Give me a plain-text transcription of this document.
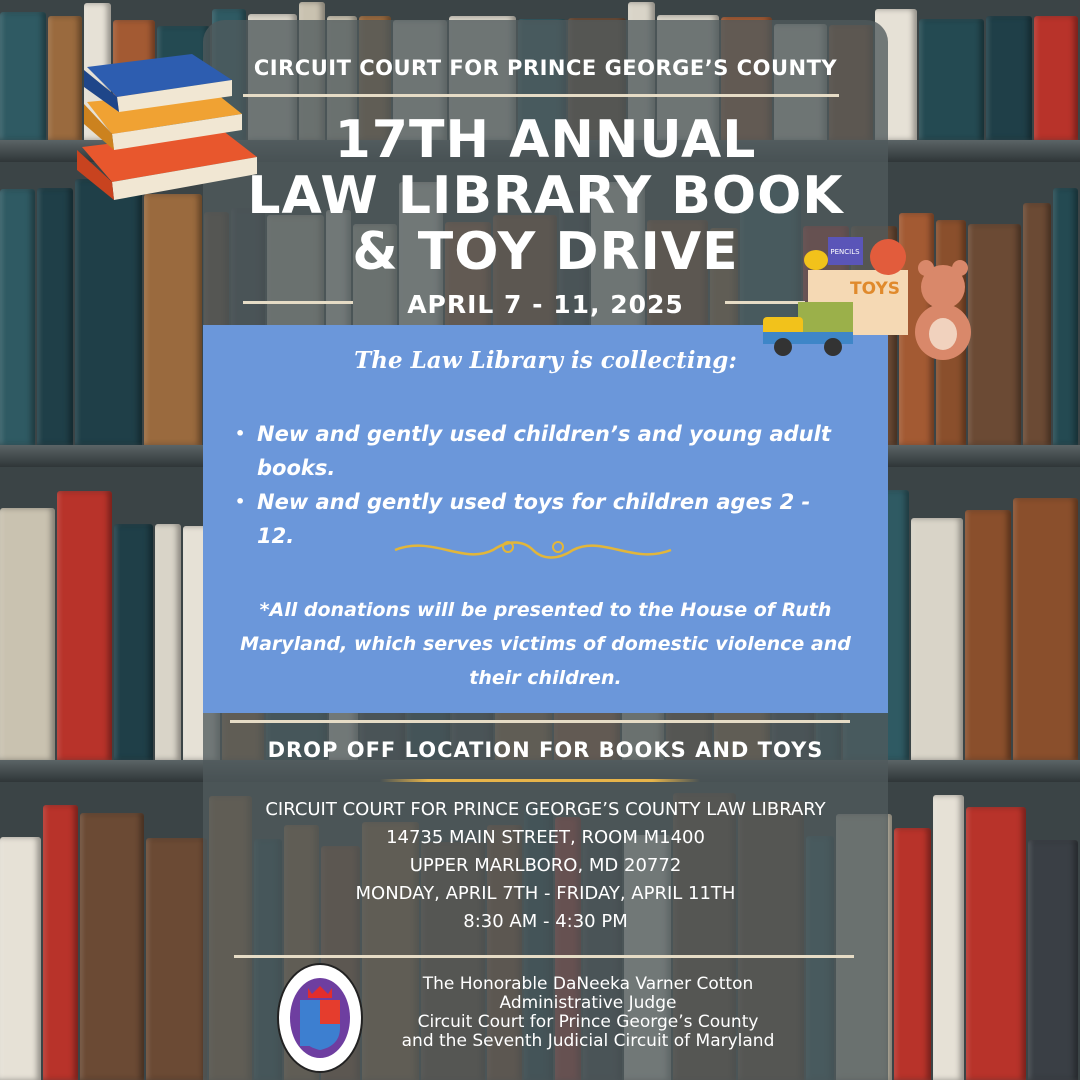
CIRCUIT COURT FOR PRINCE GEORGE’S COUNTY
17TH ANNUAL
LAW LIBRARY BOOK
& TOY DRIVE
APRIL 7 - 11, 2025
The Law Library is collecting:
• New and gently used children’s and young adult books.
• New and gently used toys for children ages 2 - 12.
*All donations will be presented to the House of Ruth Maryland, which serves victims of domestic violence and their children.
TOYS
PENCILS
DROP OFF LOCATION FOR BOOKS AND TOYS
CIRCUIT COURT FOR PRINCE GEORGE’S COUNTY LAW LIBRARY
14735 MAIN STREET, ROOM M1400
UPPER MARLBORO, MD 20772
MONDAY, APRIL 7TH - FRIDAY, APRIL 11TH
8:30 AM - 4:30 PM
The Honorable DaNeeka Varner Cotton
Administrative Judge
Circuit Court for Prince George’s County
and the Seventh Judicial Circuit of Maryland
